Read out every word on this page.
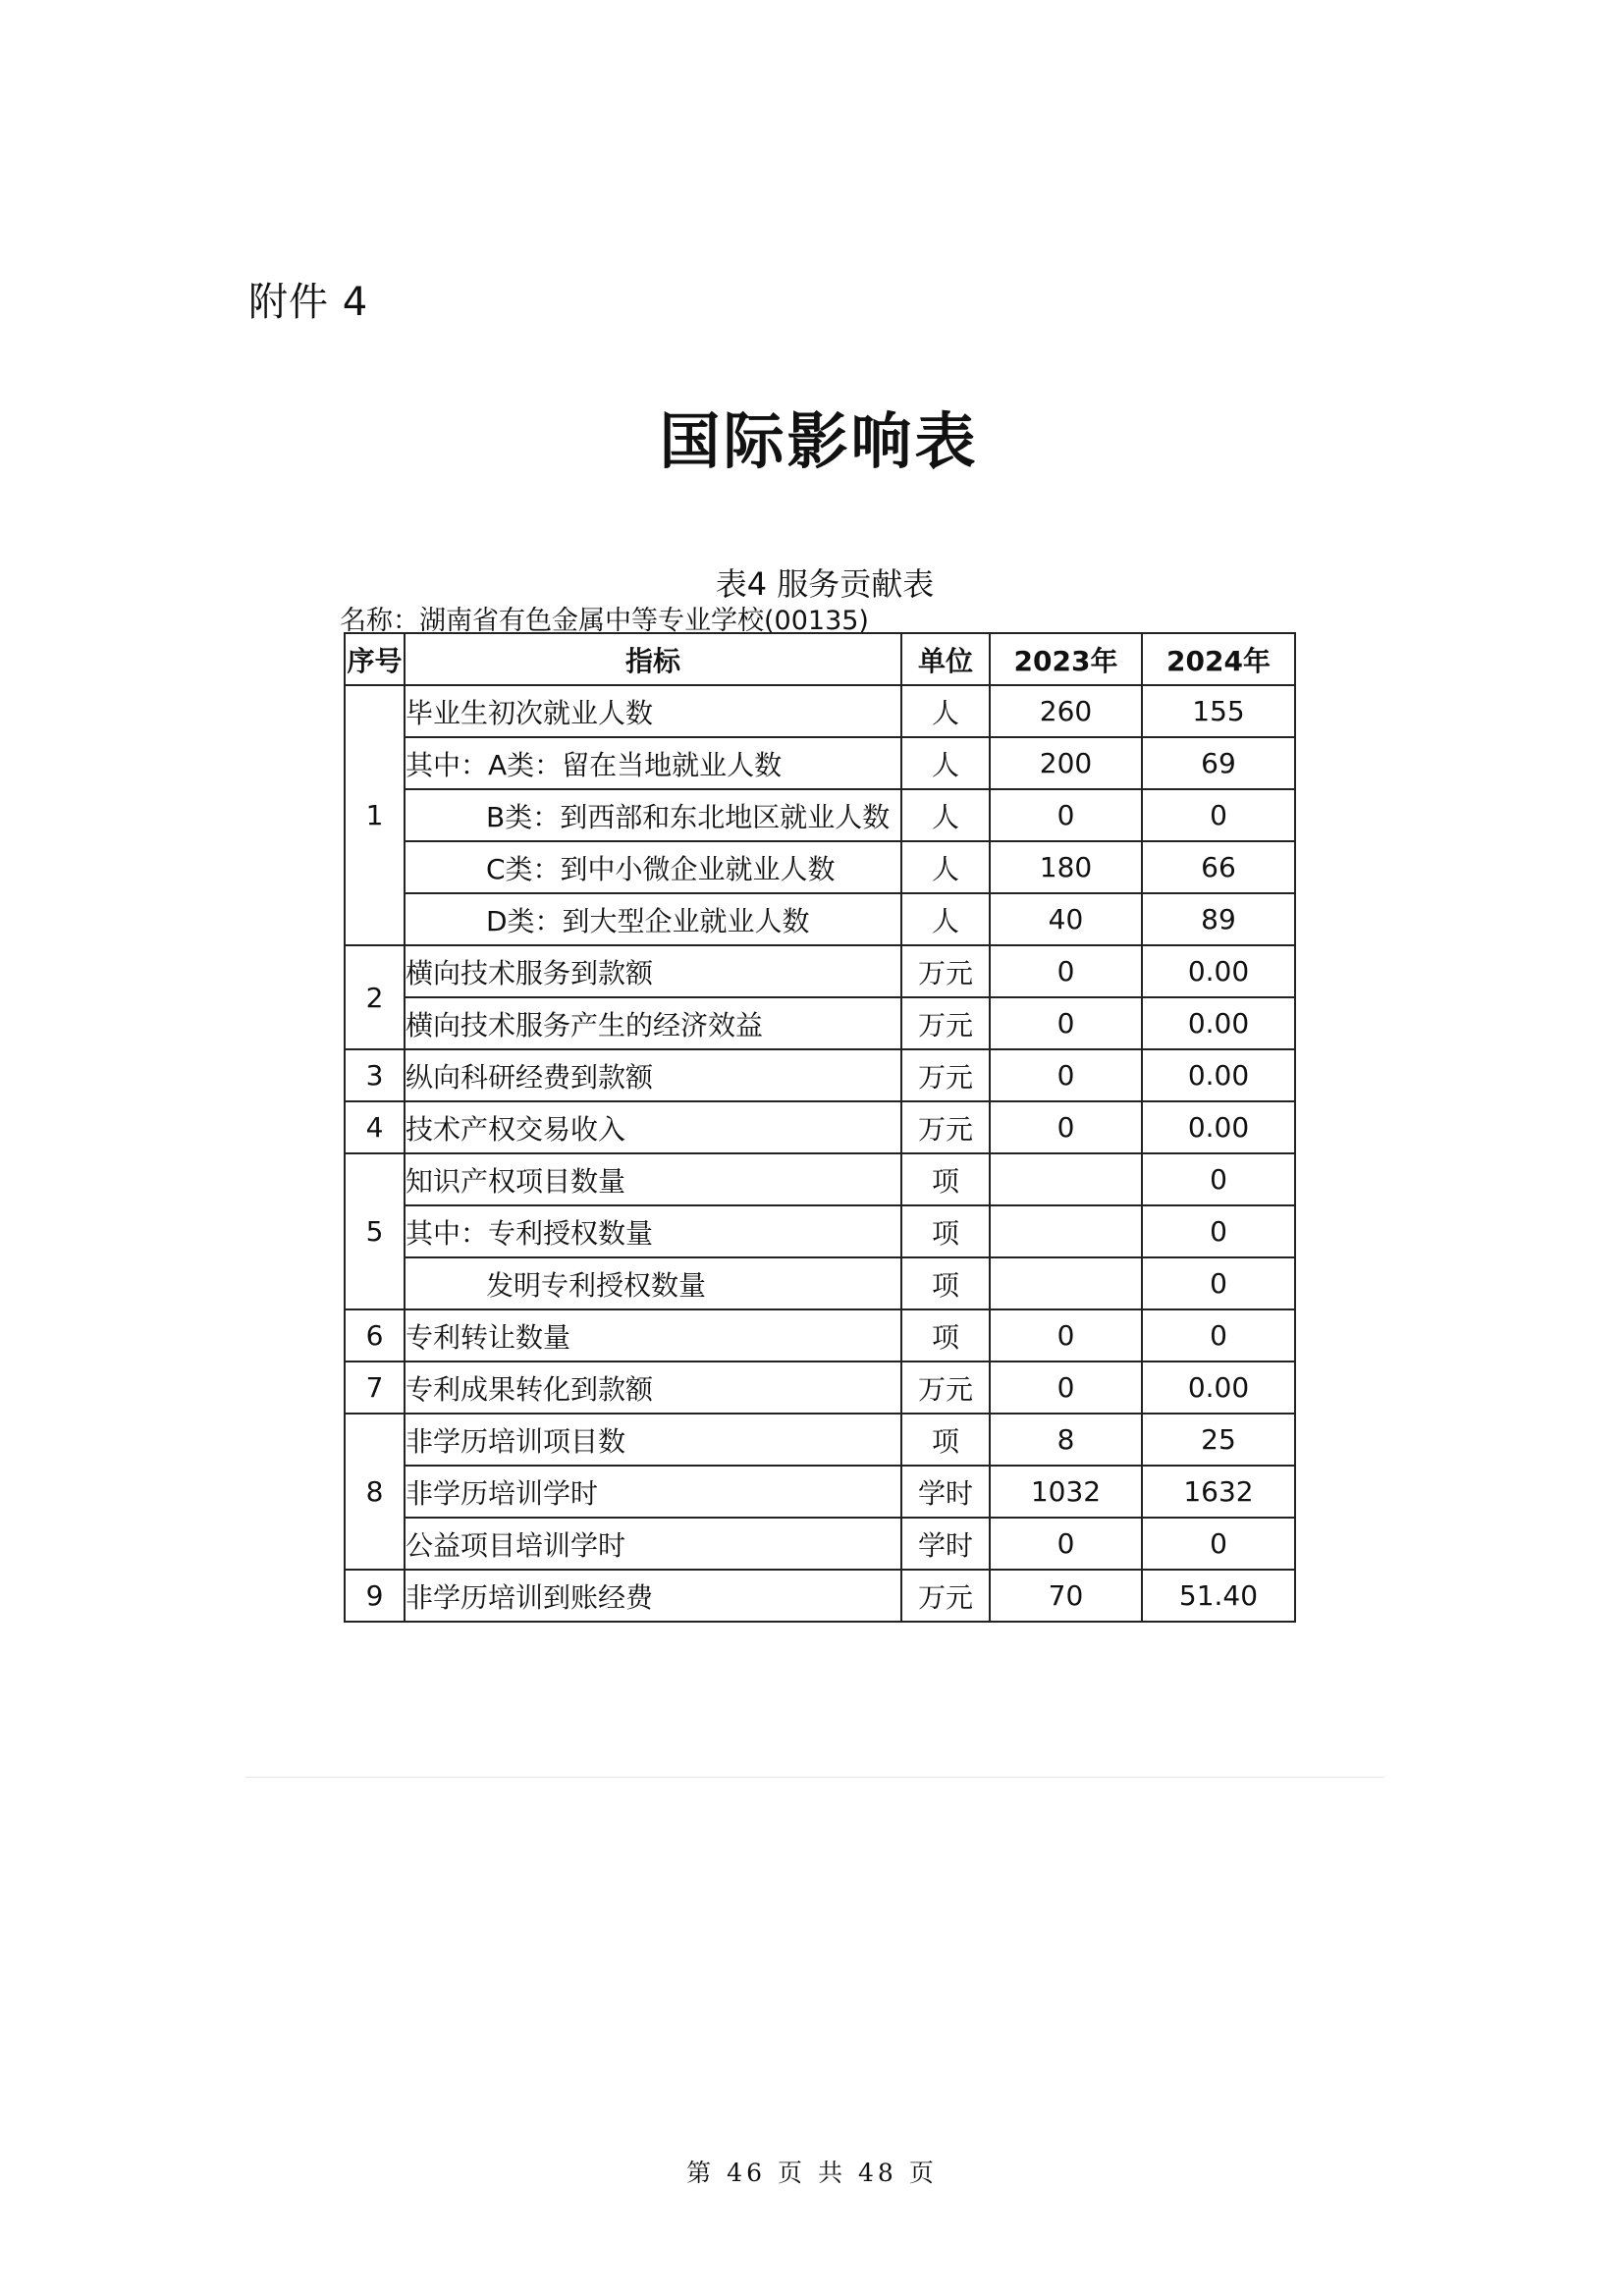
附件 4
国际影响表
表4 服务贡献表
名称：湖南省有色金属中等专业学校(00135)
序号	指标	单位	2023年	2024年
1	毕业生初次就业人数	人	260	155
	其中：A类：留在当地就业人数	人	200	69
	B类：到西部和东北地区就业人数	人	0	0
	C类：到中小微企业就业人数	人	180	66
	D类：到大型企业就业人数	人	40	89
2	横向技术服务到款额	万元	0	0.00
	横向技术服务产生的经济效益	万元	0	0.00
3	纵向科研经费到款额	万元	0	0.00
4	技术产权交易收入	万元	0	0.00
5	知识产权项目数量	项		0
	其中：专利授权数量	项		0
	发明专利授权数量	项		0
6	专利转让数量	项	0	0
7	专利成果转化到款额	万元	0	0.00
8	非学历培训项目数	项	8	25
	非学历培训学时	学时	1032	1632
	公益项目培训学时	学时	0	0
9	非学历培训到账经费	万元	70	51.40
第 46 页 共 48 页
